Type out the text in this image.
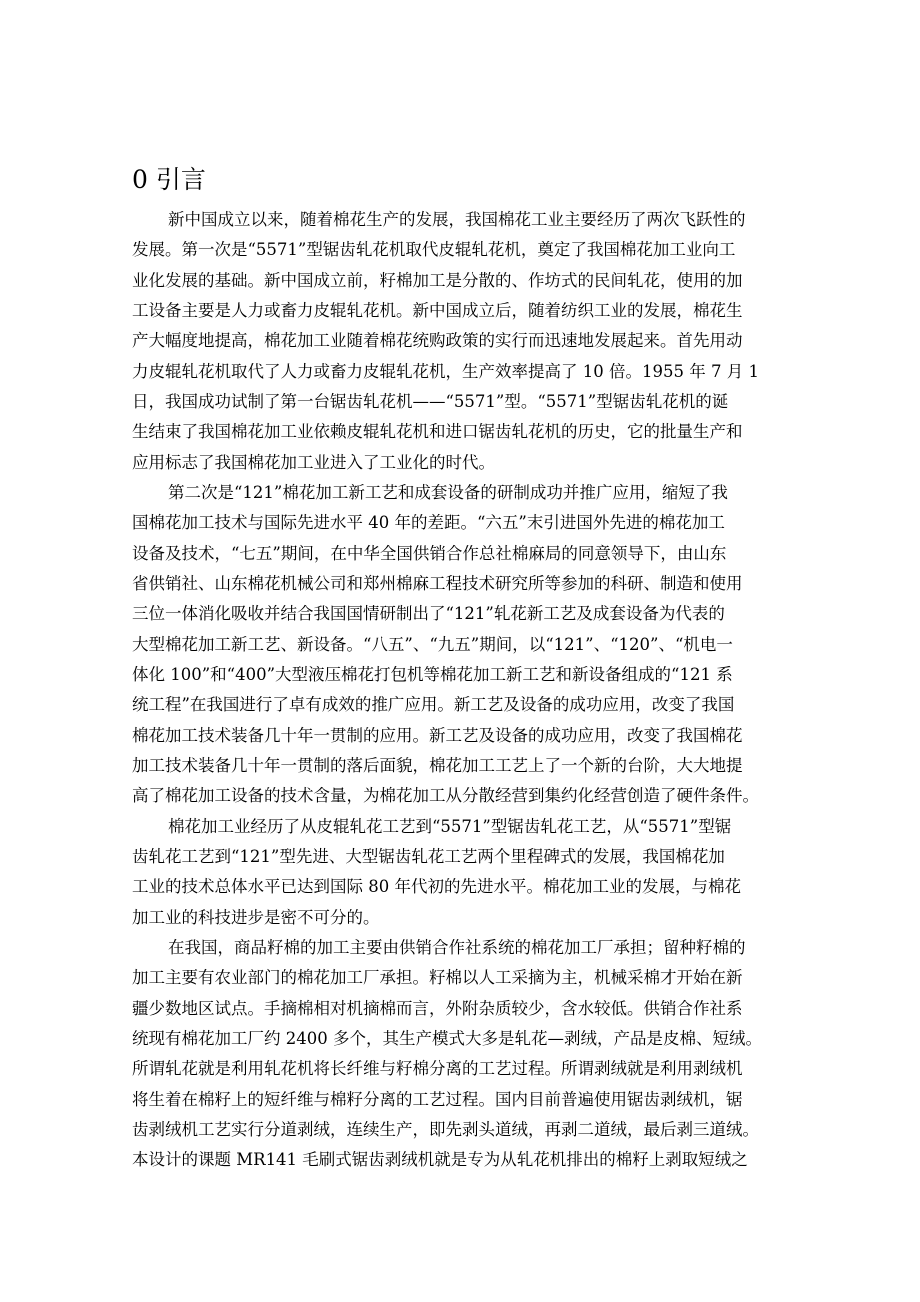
0 引言
新中国成立以来，随着棉花生产的发展，我国棉花工业主要经历了两次飞跃性的
发展。第一次是“5571”型锯齿轧花机取代皮辊轧花机，奠定了我国棉花加工业向工
业化发展的基础。新中国成立前，籽棉加工是分散的、作坊式的民间轧花，使用的加
工设备主要是人力或畜力皮辊轧花机。新中国成立后，随着纺织工业的发展，棉花生
产大幅度地提高，棉花加工业随着棉花统购政策的实行而迅速地发展起来。首先用动
力皮辊轧花机取代了人力或畜力皮辊轧花机，生产效率提高了 10 倍。1955 年 7 月 1
日，我国成功试制了第一台锯齿轧花机——“5571”型。“5571”型锯齿轧花机的诞
生结束了我国棉花加工业依赖皮辊轧花机和进口锯齿轧花机的历史，它的批量生产和
应用标志了我国棉花加工业进入了工业化的时代。
第二次是“121”棉花加工新工艺和成套设备的研制成功并推广应用，缩短了我
国棉花加工技术与国际先进水平 40 年的差距。“六五”末引进国外先进的棉花加工
设备及技术，“七五”期间，在中华全国供销合作总社棉麻局的同意领导下，由山东
省供销社、山东棉花机械公司和郑州棉麻工程技术研究所等参加的科研、制造和使用
三位一体消化吸收并结合我国国情研制出了“121”轧花新工艺及成套设备为代表的
大型棉花加工新工艺、新设备。“八五”、“九五”期间，以“121”、“120”、“机电一
体化 100”和“400”大型液压棉花打包机等棉花加工新工艺和新设备组成的“121 系
统工程”在我国进行了卓有成效的推广应用。新工艺及设备的成功应用，改变了我国
棉花加工技术装备几十年一贯制的应用。新工艺及设备的成功应用，改变了我国棉花
加工技术装备几十年一贯制的落后面貌，棉花加工工艺上了一个新的台阶，大大地提
高了棉花加工设备的技术含量，为棉花加工从分散经营到集约化经营创造了硬件条件。
棉花加工业经历了从皮辊轧花工艺到“5571”型锯齿轧花工艺，从“5571”型锯
齿轧花工艺到“121”型先进、大型锯齿轧花工艺两个里程碑式的发展，我国棉花加
工业的技术总体水平已达到国际 80 年代初的先进水平。棉花加工业的发展，与棉花
加工业的科技进步是密不可分的。
在我国，商品籽棉的加工主要由供销合作社系统的棉花加工厂承担；留种籽棉的
加工主要有农业部门的棉花加工厂承担。籽棉以人工采摘为主，机械采棉才开始在新
疆少数地区试点。手摘棉相对机摘棉而言，外附杂质较少，含水较低。供销合作社系
统现有棉花加工厂约 2400 多个，其生产模式大多是轧花—剥绒，产品是皮棉、短绒。
所谓轧花就是利用轧花机将长纤维与籽棉分离的工艺过程。所谓剥绒就是利用剥绒机
将生着在棉籽上的短纤维与棉籽分离的工艺过程。国内目前普遍使用锯齿剥绒机，锯
齿剥绒机工艺实行分道剥绒，连续生产，即先剥头道绒，再剥二道绒，最后剥三道绒。
本设计的课题 MR141 毛刷式锯齿剥绒机就是专为从轧花机排出的棉籽上剥取短绒之
